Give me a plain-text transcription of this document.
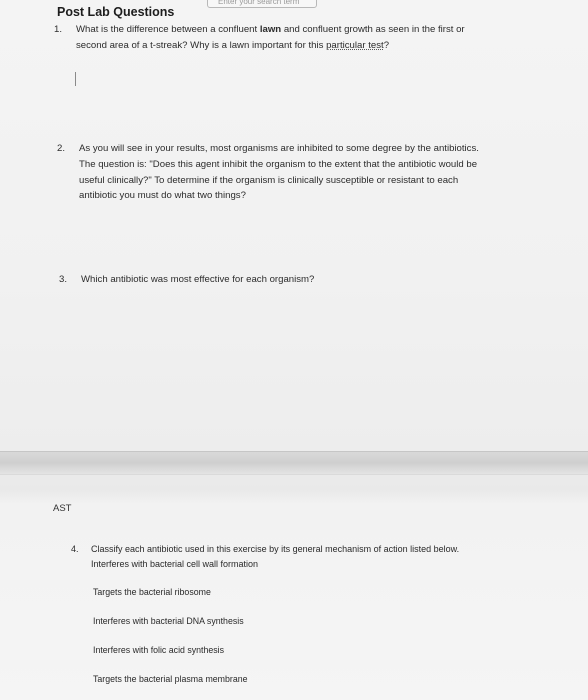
Enter your search term
Post Lab Questions
1. What is the difference between a confluent lawn and confluent growth as seen in the first or
second area of a t-streak? Why is a lawn important for this particular test?
2. As you will see in your results, most organisms are inhibited to some degree by the antibiotics.
The question is: "Does this agent inhibit the organism to the extent that the antibiotic would be
useful clinically?" To determine if the organism is clinically susceptible or resistant to each
antibiotic you must do what two things?
3. Which antibiotic was most effective for each organism?
AST
4. Classify each antibiotic used in this exercise by its general mechanism of action listed below.
Interferes with bacterial cell wall formation
Targets the bacterial ribosome
Interferes with bacterial DNA synthesis
Interferes with folic acid synthesis
Targets the bacterial plasma membrane
